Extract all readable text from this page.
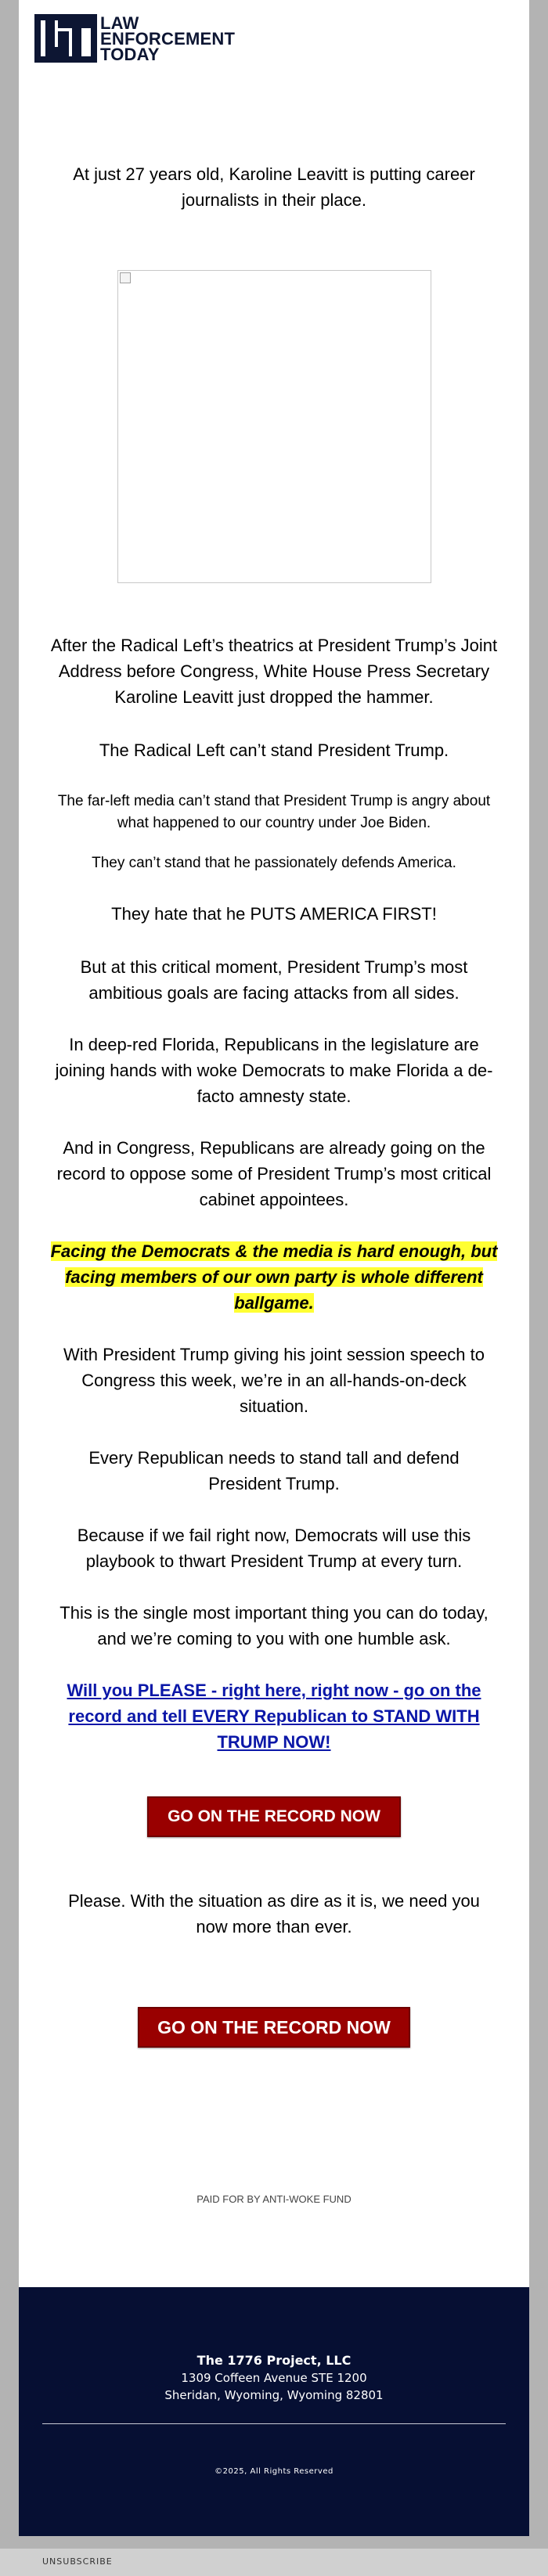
LAW
ENFORCEMENT
TODAY
At just 27 years old, Karoline Leavitt is putting career journalists in their place.
After the Radical Left’s theatrics at President Trump’s Joint Address before Congress, White House Press Secretary Karoline Leavitt just dropped the hammer.
The Radical Left can’t stand President Trump.
The far-left media can’t stand that President Trump is angry about what happened to our country under Joe Biden.
They can’t stand that he passionately defends America.
They hate that he PUTS AMERICA FIRST!
But at this critical moment, President Trump’s most ambitious goals are facing attacks from all sides.
In deep-red Florida, Republicans in the legislature are joining hands with woke Democrats to make Florida a de-facto amnesty state.
And in Congress, Republicans are already going on the record to oppose some of President Trump’s most critical cabinet appointees.
Facing the Democrats & the media is hard enough, but facing members of our own party is whole different ballgame.
With President Trump giving his joint session speech to Congress this week, we’re in an all-hands-on-deck situation.
Every Republican needs to stand tall and defend President Trump.
Because if we fail right now, Democrats will use this playbook to thwart President Trump at every turn.
This is the single most important thing you can do today, and we’re coming to you with one humble ask.
Will you PLEASE - right here, right now - go on the record and tell EVERY Republican to STAND WITH TRUMP NOW!
GO ON THE RECORD NOW
Please. With the situation as dire as it is, we need you now more than ever.
GO ON THE RECORD NOW
PAID FOR BY ANTI-WOKE FUND
The 1776 Project, LLC
1309 Coffeen Avenue STE 1200
Sheridan, Wyoming, Wyoming 82801
©2025, All Rights Reserved
UNSUBSCRIBE
